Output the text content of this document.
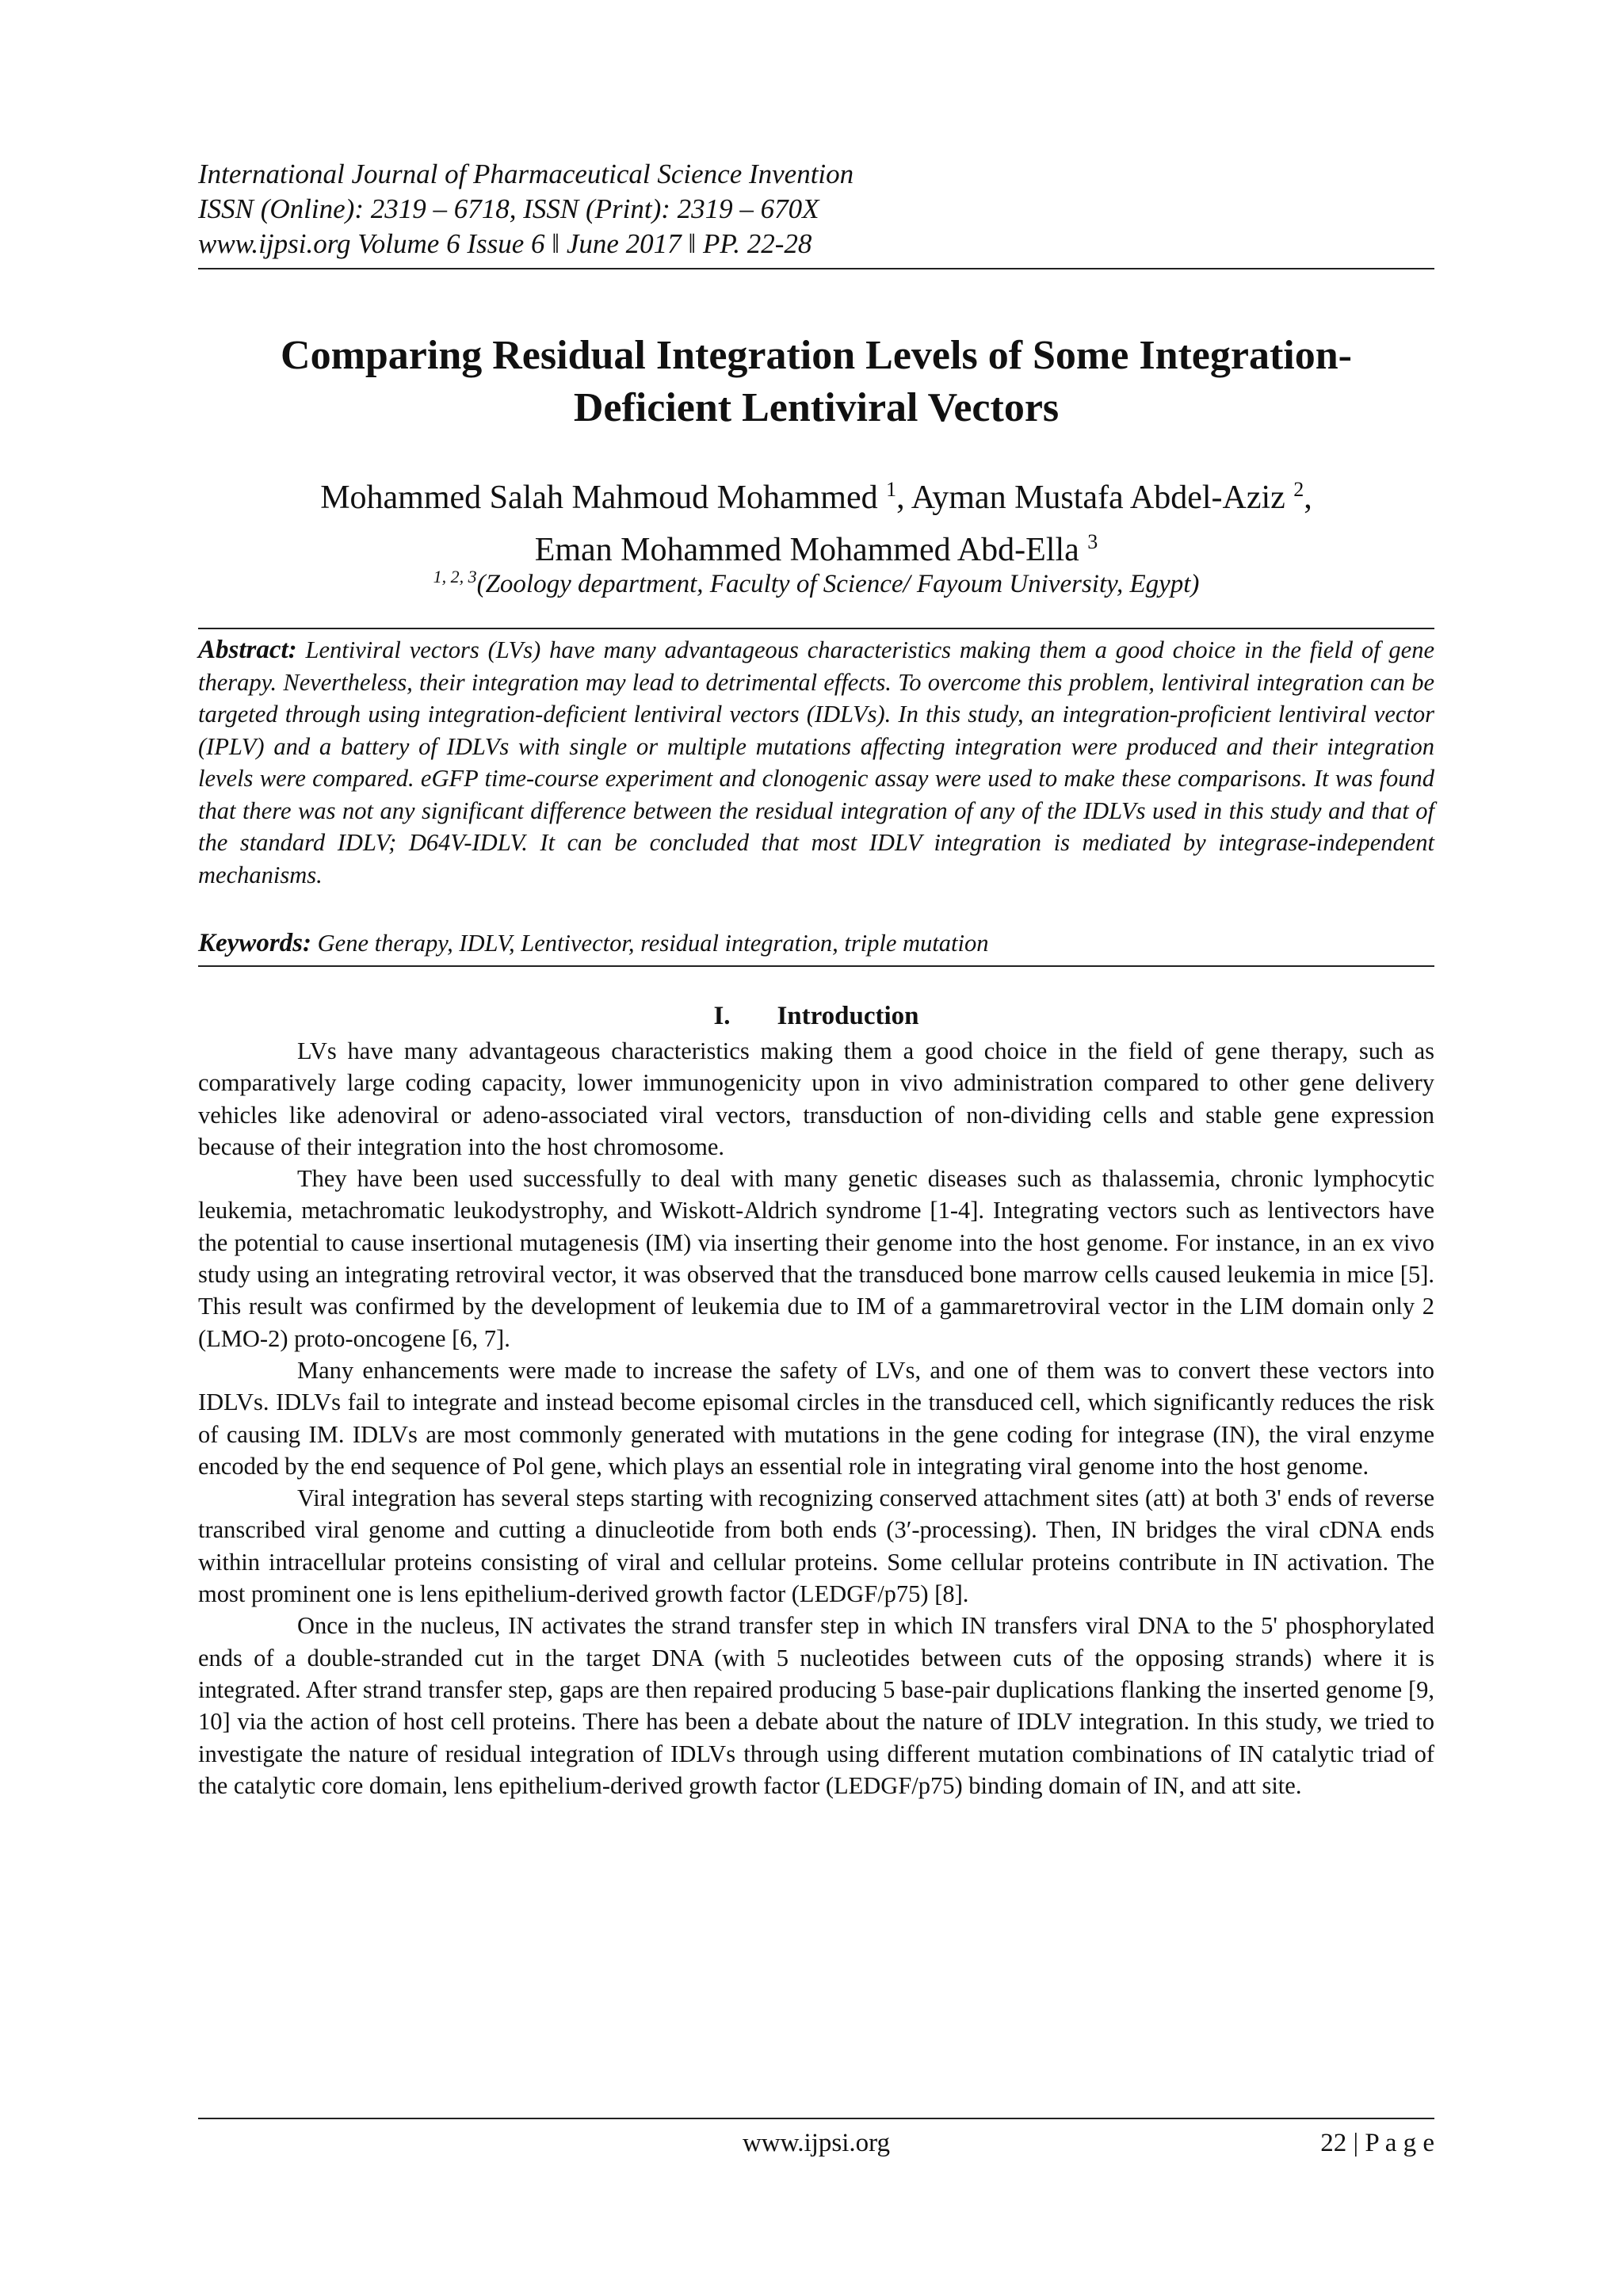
International Journal of Pharmaceutical Science Invention
ISSN (Online): 2319 – 6718, ISSN (Print): 2319 – 670X
www.ijpsi.org Volume 6 Issue 6 ǁ June 2017 ǁ PP. 22-28
Comparing Residual Integration Levels of Some Integration-
Deficient Lentiviral Vectors
Mohammed Salah Mahmoud Mohammed $^1$, Ayman Mustafa Abdel-Aziz $^2$,
Eman Mohammed Mohammed Abd-Ella $^3$
$^{1, 2, 3}$(Zoology department, Faculty of Science/ Fayoum University, Egypt)
Abstract: Lentiviral vectors (LVs) have many advantageous characteristics making them a good choice in the field of gene therapy. Nevertheless, their integration may lead to detrimental effects. To overcome this problem, lentiviral integration can be targeted through using integration-deficient lentiviral vectors (IDLVs). In this study, an integration-proficient lentiviral vector (IPLV) and a battery of IDLVs with single or multiple mutations affecting integration were produced and their integration levels were compared. eGFP time-course experiment and clonogenic assay were used to make these comparisons. It was found that there was not any significant difference between the residual integration of any of the IDLVs used in this study and that of the standard IDLV; D64V-IDLV. It can be concluded that most IDLV integration is mediated by integrase-independent mechanisms.
Keywords: Gene therapy, IDLV, Lentivector, residual integration, triple mutation
I. Introduction

LVs have many advantageous characteristics making them a good choice in the field of gene therapy, such as comparatively large coding capacity, lower immunogenicity upon in vivo administration compared to other gene delivery vehicles like adenoviral or adeno-associated viral vectors, transduction of non-dividing cells and stable gene expression because of their integration into the host chromosome.

They have been used successfully to deal with many genetic diseases such as thalassemia, chronic lymphocytic leukemia, metachromatic leukodystrophy, and Wiskott-Aldrich syndrome [1-4]. Integrating vectors such as lentivectors have the potential to cause insertional mutagenesis (IM) via inserting their genome into the host genome. For instance, in an ex vivo study using an integrating retroviral vector, it was observed that the transduced bone marrow cells caused leukemia in mice [5]. This result was confirmed by the development of leukemia due to IM of a gammaretroviral vector in the LIM domain only 2 (LMO-2) proto-oncogene [6, 7].

Many enhancements were made to increase the safety of LVs, and one of them was to convert these vectors into IDLVs. IDLVs fail to integrate and instead become episomal circles in the transduced cell, which significantly reduces the risk of causing IM. IDLVs are most commonly generated with mutations in the gene coding for integrase (IN), the viral enzyme encoded by the end sequence of Pol gene, which plays an essential role in integrating viral genome into the host genome.

Viral integration has several steps starting with recognizing conserved attachment sites (att) at both 3' ends of reverse transcribed viral genome and cutting a dinucleotide from both ends (3′-processing). Then, IN bridges the viral cDNA ends within intracellular proteins consisting of viral and cellular proteins. Some cellular proteins contribute in IN activation. The most prominent one is lens epithelium-derived growth factor (LEDGF/p75) [8].

Once in the nucleus, IN activates the strand transfer step in which IN transfers viral DNA to the 5' phosphorylated ends of a double-stranded cut in the target DNA (with 5 nucleotides between cuts of the opposing strands) where it is integrated. After strand transfer step, gaps are then repaired producing 5 base-pair duplications flanking the inserted genome [9, 10] via the action of host cell proteins. There has been a debate about the nature of IDLV integration. In this study, we tried to investigate the nature of residual integration of IDLVs through using different mutation combinations of IN catalytic triad of the catalytic core domain, lens epithelium-derived growth factor (LEDGF/p75) binding domain of IN, and att site.

www.ijpsi.org	22 | P a g e
